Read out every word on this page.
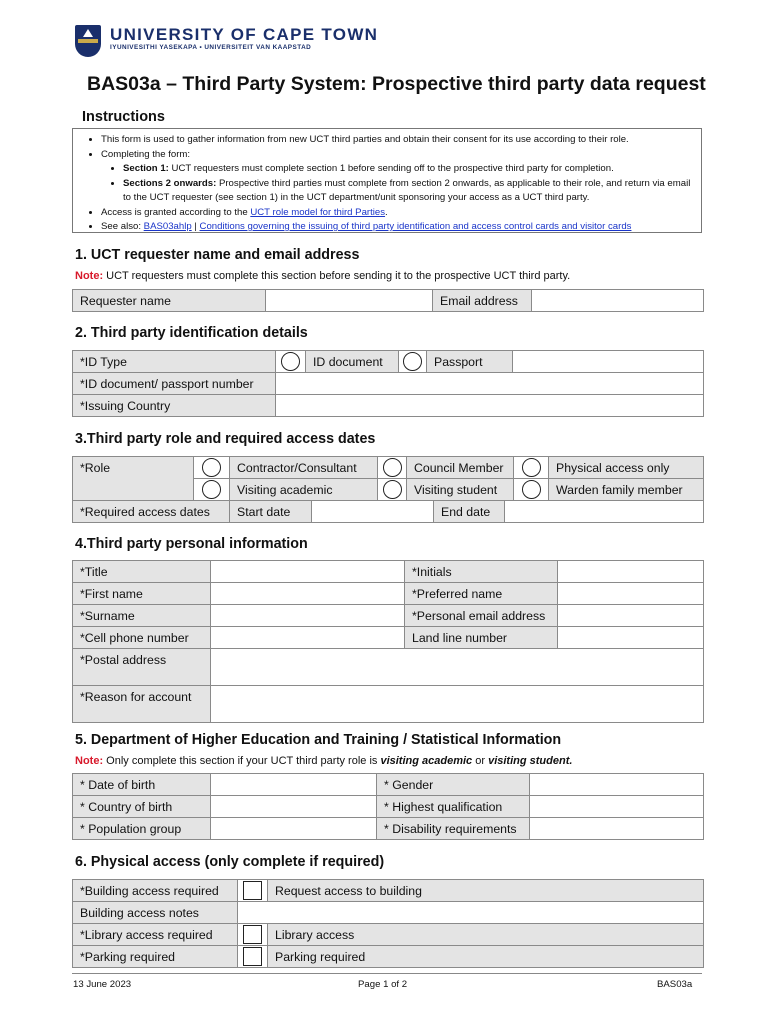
UNIVERSITY OF CAPE TOWN
IYUNIVESITHI YASEKAPA • UNIVERSITEIT VAN KAAPSTAD
BAS03a – Third Party System: Prospective third party data request
Instructions
• This form is used to gather information from new UCT third parties and obtain their consent for its use according to their role.
• Completing the form:
• Section 1: UCT requesters must complete section 1 before sending off to the prospective third party for completion.
• Sections 2 onwards: Prospective third parties must complete from section 2 onwards, as applicable to their role, and return via email to the UCT requester (see section 1) in the UCT department/unit sponsoring your access as a UCT third party.
• Access is granted according to the UCT role model for third Parties.
• See also: BAS03ahlp | Conditions governing the issuing of third party identification and access control cards and visitor cards
1. UCT requester name and email address
Note: UCT requesters must complete this section before sending it to the prospective UCT third party.
Requester name		Email address	
2. Third party identification details
*ID Type		ID document		Passport	
*ID document/ passport number					
*Issuing Country					
3.Third party role and required access dates
*Role		Contractor/Consultant		Council Member		Physical access only
		Visiting academic		Visiting student		Warden family member
*Required access dates	Start date		End date	
4.Third party personal information
*Title		*Initials	
*First name		*Preferred name	
*Surname		*Personal email address	
*Cell phone number		Land line number	
*Postal address			
*Reason for account			
5. Department of Higher Education and Training / Statistical Information
Note: Only complete this section if your UCT third party role is visiting academic or visiting student.
* Date of birth		* Gender	
* Country of birth		* Highest qualification	
* Population group		* Disability requirements	
6. Physical access (only complete if required)
*Building access required		Request access to building
Building access notes		
*Library access required		Library access
*Parking required		Parking required
13 June 2023	Page 1 of 2	BAS03a
